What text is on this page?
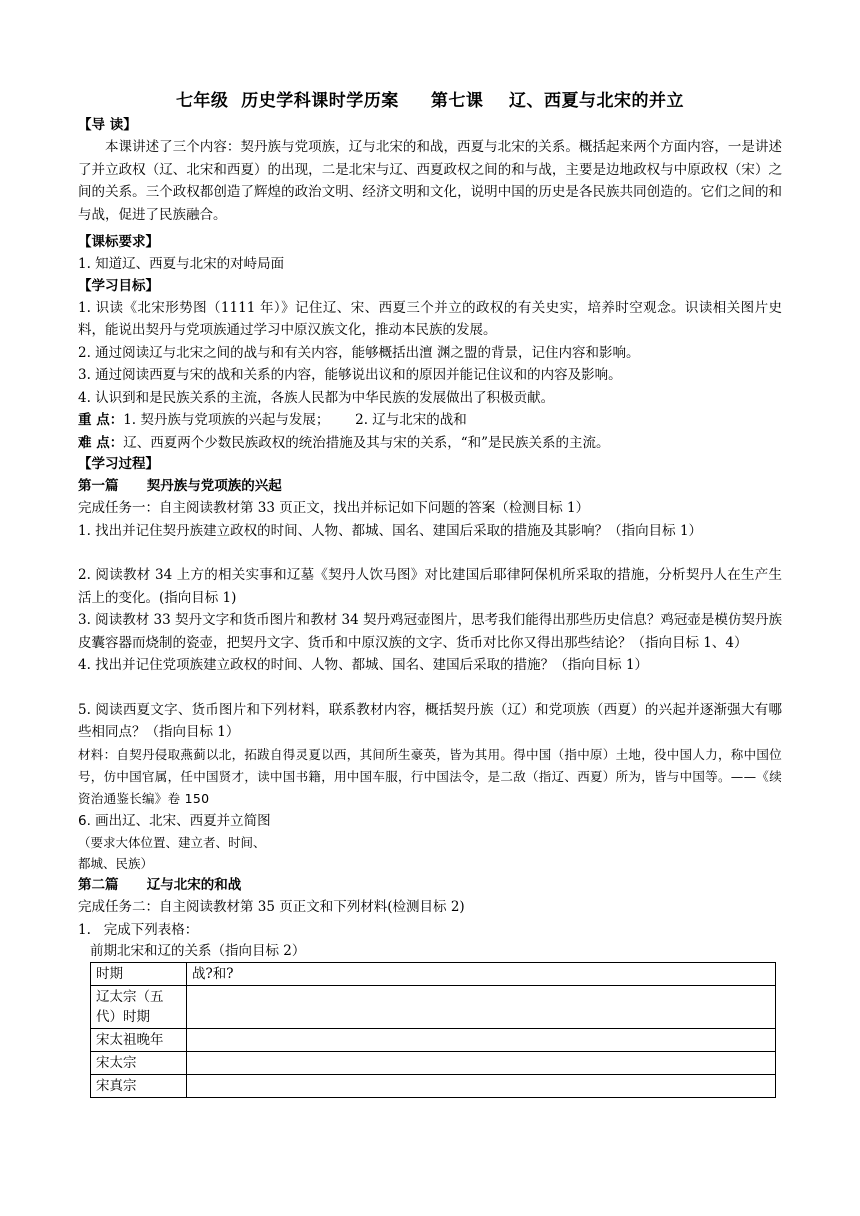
七年级  历史学科课时学历案     第七课    辽、西夏与北宋的并立

【导 读】

本课讲述了三个内容：契丹族与党项族，辽与北宋的和战，西夏与北宋的关系。概括起来两个方面内容，一是讲述了并立政权（辽、北宋和西夏）的出现，二是北宋与辽、西夏政权之间的和与战，主要是边地政权与中原政权（宋）之间的关系。三个政权都创造了辉煌的政治文明、经济文明和文化，说明中国的历史是各民族共同创造的。它们之间的和与战，促进了民族融合。

【课标要求】

1. 知道辽、西夏与北宋的对峙局面

【学习目标】

1. 识读《北宋形势图（1111 年）》记住辽、宋、西夏三个并立的政权的有关史实，培养时空观念。识读相关图片史料，能说出契丹与党项族通过学习中原汉族文化，推动本民族的发展。

2. 通过阅读辽与北宋之间的战与和有关内容，能够概括出澶 渊之盟的背景，记住内容和影响。

3. 通过阅读西夏与宋的战和关系的内容，能够说出议和的原因并能记住议和的内容及影响。

4. 认识到和是民族关系的主流，各族人民都为中华民族的发展做出了积极贡献。

重 点：1. 契丹族与党项族的兴起与发展；      2. 辽与北宋的战和

难 点：辽、西夏两个少数民族政权的统治措施及其与宋的关系，“和”是民族关系的主流。

【学习过程】

第一篇      契丹族与党项族的兴起

完成任务一：自主阅读教材第 33 页正文，找出并标记如下问题的答案（检测目标 1）

1. 找出并记住契丹族建立政权的时间、人物、都城、国名、建国后采取的措施及其影响？（指向目标 1）

2. 阅读教材 34 上方的相关实事和辽墓《契丹人饮马图》对比建国后耶律阿保机所采取的措施，分析契丹人在生产生活上的变化。(指向目标 1)

3. 阅读教材 33 契丹文字和货币图片和教材 34 契丹鸡冠壶图片，思考我们能得出那些历史信息？鸡冠壶是模仿契丹族皮囊容器而烧制的瓷壶，把契丹文字、货币和中原汉族的文字、货币对比你又得出那些结论？（指向目标 1、4）

4. 找出并记住党项族建立政权的时间、人物、都城、国名、建国后采取的措施？（指向目标 1）

5. 阅读西夏文字、货币图片和下列材料，联系教材内容，概括契丹族（辽）和党项族（西夏）的兴起并逐渐强大有哪些相同点？（指向目标 1）

材料：自契丹侵取燕蓟以北，拓跋自得灵夏以西，其间所生豪英，皆为其用。得中国（指中原）土地，役中国人力，称中国位号，仿中国官属，任中国贤才，读中国书籍，用中国车服，行中国法令，是二敌（指辽、西夏）所为，皆与中国等。——《续资治通鉴长编》卷 150

6. 画出辽、北宋、西夏并立简图

（要求大体位置、建立者、时间、

都城、民族）

第二篇      辽与北宋的和战

完成任务二：自主阅读教材第 35 页正文和下列材料(检测目标 2)

1.   完成下列表格：

前期北宋和辽的关系（指向目标 2）

时期	战?和?
辽太宗（五代）时期	
宋太祖晚年	
宋太宗	
宋真宗	
